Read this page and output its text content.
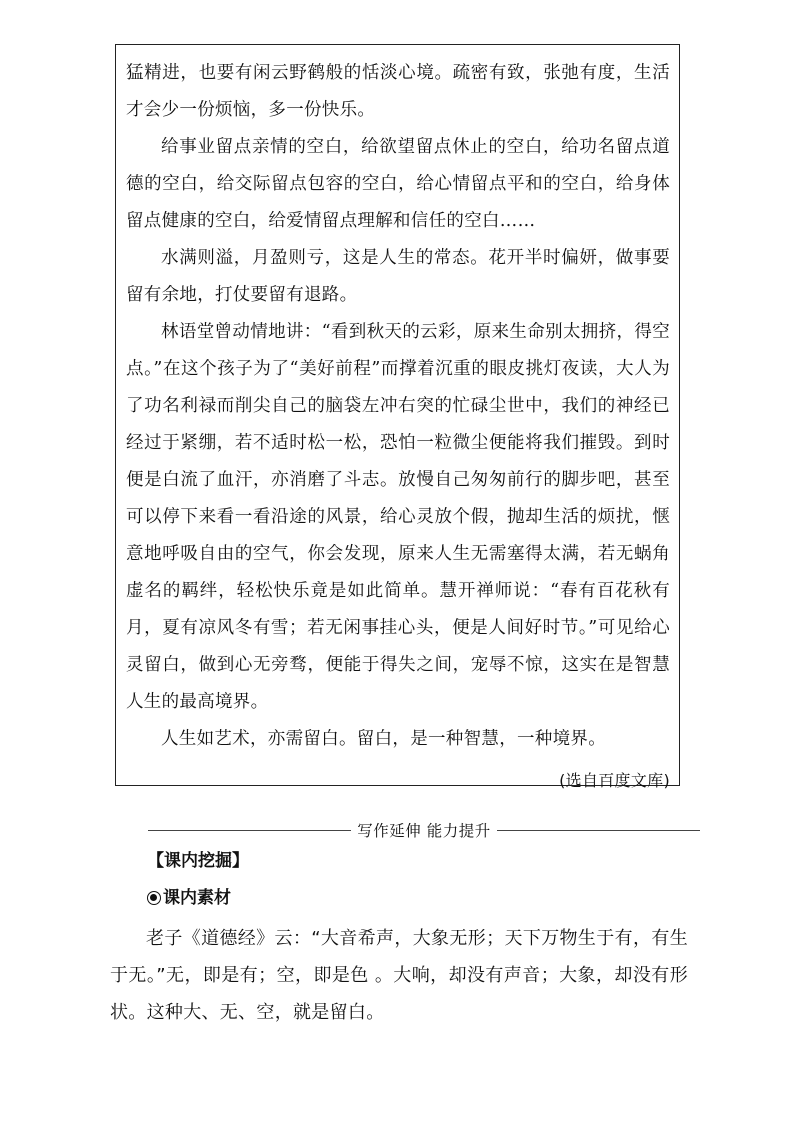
猛精进，也要有闲云野鹤般的恬淡心境。疏密有致，张弛有度，生活才会少一份烦恼，多一份快乐。

给事业留点亲情的空白，给欲望留点休止的空白，给功名留点道德的空白，给交际留点包容的空白，给心情留点平和的空白，给身体留点健康的空白，给爱情留点理解和信任的空白……

水满则溢，月盈则亏，这是人生的常态。花开半时偏妍，做事要留有余地，打仗要留有退路。

林语堂曾动情地讲：“看到秋天的云彩，原来生命别太拥挤，得空点。”在这个孩子为了“美好前程”而撑着沉重的眼皮挑灯夜读，大人为了功名利禄而削尖自己的脑袋左冲右突的忙碌尘世中，我们的神经已经过于紧绷，若不适时松一松，恐怕一粒微尘便能将我们摧毁。到时便是白流了血汗，亦消磨了斗志。放慢自己匆匆前行的脚步吧，甚至可以停下来看一看沿途的风景，给心灵放个假，抛却生活的烦扰，惬意地呼吸自由的空气，你会发现，原来人生无需塞得太满，若无蜗角虚名的羁绊，轻松快乐竟是如此简单。慧开禅师说：“春有百花秋有月，夏有凉风冬有雪；若无闲事挂心头，便是人间好时节。”可见给心灵留白，做到心无旁骛，便能于得失之间，宠辱不惊，这实在是智慧人生的最高境界。

人生如艺术，亦需留白。留白，是一种智慧，一种境界。

(选自百度文库)

写作延伸 能力提升
【课内挖掘】
课内素材

老子《道德经》云：“大音希声，大象无形；天下万物生于有，有生于无。”无，即是有；空，即是色 。大响，却没有声音；大象，却没有形状。这种大、无、空，就是留白。
